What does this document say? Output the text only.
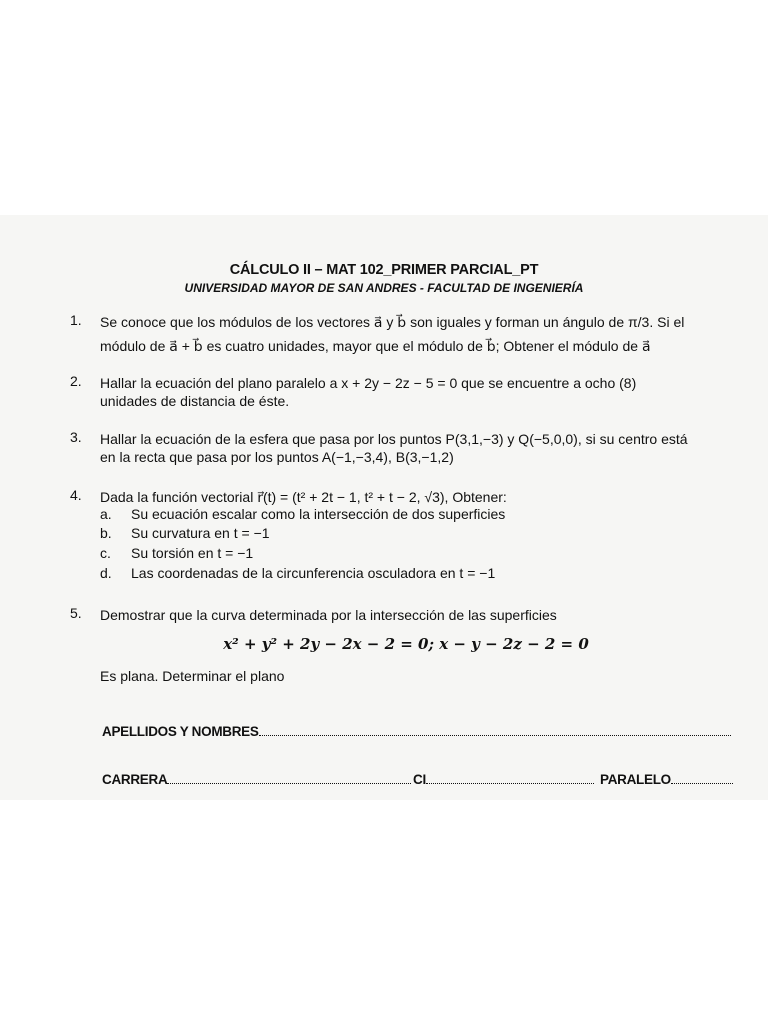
CÁLCULO II – MAT 102_PRIMER PARCIAL_PT
UNIVERSIDAD MAYOR DE SAN ANDRES - FACULTAD DE INGENIERÍA
1. Se conoce que los módulos de los vectores a⃗ y b⃗ son iguales y forman un ángulo de π/3. Si el
módulo de a⃗ + b⃗ es cuatro unidades, mayor que el módulo de b⃗; Obtener el módulo de a⃗
2. Hallar la ecuación del plano paralelo a x + 2y − 2z − 5 = 0 que se encuentre a ocho (8)
unidades de distancia de éste.
3. Hallar la ecuación de la esfera que pasa por los puntos P(3,1,−3) y Q(−5,0,0), si su centro está
en la recta que pasa por los puntos A(−1,−3,4), B(3,−1,2)
4. Dada la función vectorial r⃗(t) = (t² + 2t − 1, t² + t − 2, √3), Obtener:
a. Su ecuación escalar como la intersección de dos superficies
b. Su curvatura en t = −1
c. Su torsión en t = −1
d. Las coordenadas de la circunferencia osculadora en t = −1
5. Demostrar que la curva determinada por la intersección de las superficies
x² + y² + 2y − 2x − 2 = 0; x − y − 2z − 2 = 0
Es plana. Determinar el plano
APELLIDOS Y NOMBRES
CARRERA	CI	PARALELO
